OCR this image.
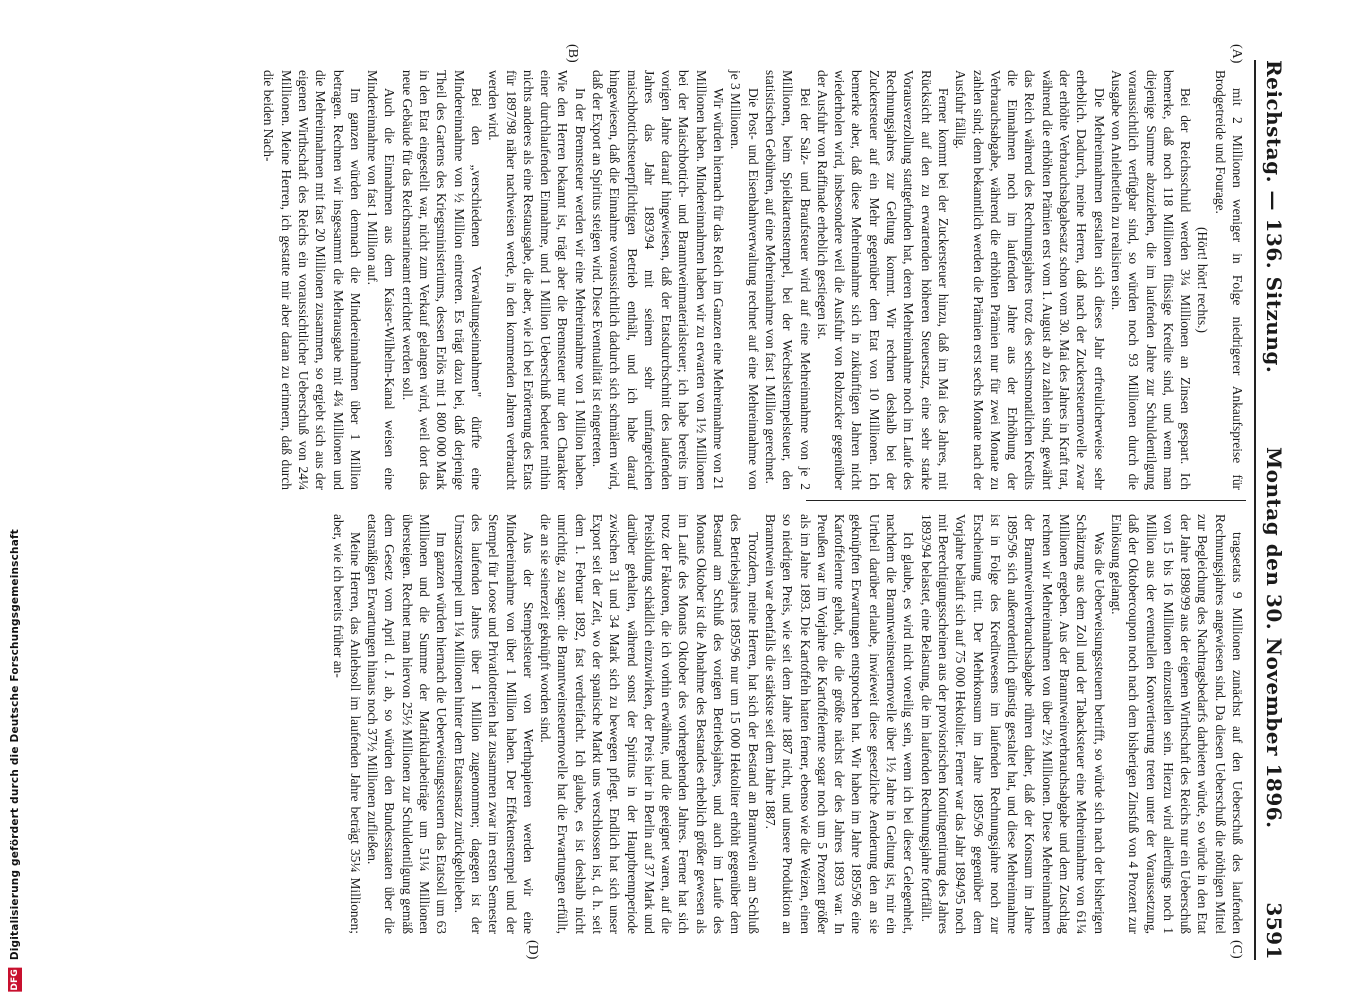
Reichstag. — 136. Sitzung.
Montag den 30. November 1896.
3591
(A)
(B)
(C)
(D)

mit 2 Millionen weniger in Folge niedrigerer Ankaufspreise für Brodgetreide und Fourage.

(Hört! hört! rechts.)

Bei der Reichsschuld werden 3¼ Millionen an Zinsen gespart. Ich bemerke, daß noch 118 Millionen flüssige Kredite sind, und wenn man diejenige Summe abzuziehen, die im laufenden Jahre zur Schuldentilgung voraussichtlich verfügbar sind, so würden noch 93 Millionen durch die Ausgabe von Anleihetiteln zu realisiren sein.

Die Mehreinnahmen gestalten sich dieses Jahr erfreulicherweise sehr erheblich. Dadurch, meine Herren, daß nach der Zuckersteuernovelle zwar der erhöhte Verbrauchsabgabesatz schon vom 30. Mai des Jahres in Kraft trat, während die erhöhten Prämien erst vom 1. August ab zu zahlen sind, gewährt das Reich während des Rechnungsjahres trotz des sechsmonatlichen Kredits die Einnahmen noch im laufenden Jahre aus der Erhöhung der Verbrauchsabgabe, während die erhöhten Prämien nur für zwei Monate zu zahlen sind; denn bekanntlich werden die Prämien erst sechs Monate nach der Ausfuhr fällig.

Ferner kommt bei der Zuckersteuer hinzu, daß im Mai des Jahres, mit Rücksicht auf den zu erwartenden höheren Steuersatz, eine sehr starke Vorausverzollung stattgefunden hat, deren Mehreinnahme noch im Laufe des Rechnungsjahres zur Geltung kommt. Wir rechnen deshalb bei der Zuckersteuer auf ein Mehr gegenüber dem Etat von 10 Millionen. Ich bemerke aber, daß diese Mehreinnahme sich in zukünftigen Jahren nicht wiederholen wird, insbesondere weil die Ausfuhr von Rohzucker gegenüber der Ausfuhr von Raffinade erheblich gestiegen ist.

Bei der Salz- und Braufsteuer wird auf eine Mehreinnahme von je 2 Millionen, beim Spielkartenstempel, bei der Wechselstempelsteuer, den statistischen Gebühren, auf eine Mehreinnahme von fast 1 Million gerechnet.

Die Post- und Eisenbahnverwaltung rechnet auf eine Mehreinnahme von je 3 Millionen.

Wir würden hiernach für das Reich im Ganzen eine Mehreinnahme von 21 Millionen haben. Mindereinnahmen haben wir zu erwarten von 1½ Millionen bei der Maischbottich- und Branntweinmaterialsteuer; ich habe bereits im vorigen Jahre darauf hingewiesen, daß der Etatsdurchschnitt des laufenden Jahres das Jahr 1893/94 mit seinem sehr umfangreichen maischbottichsteuerpflichtigen Betrieb enthält, und ich habe darauf hingewiesen, daß die Einnahme voraussichtlich dadurch sich schmälern wird, daß der Export an Spiritus steigen wird. Diese Eventualität ist eingetreten.

In der Brennsteuer werden wir eine Mehreinnahme von 1 Million haben. Wie den Herren bekannt ist, trägt aber die Brennsteuer nur den Charakter einer durchlaufenden Einnahme, und 1 Million Ueberschuß bedeutet mithin nichts anderes als eine Restausgabe, die aber, wie ich bei Erörterung des Etats für 1897/98 näher nachweisen werde, in den kommenden Jahren verbraucht werden wird.

Bei den „verschiedenen Verwaltungseinnahmen" dürfte eine Mindereinnahme von ½ Million eintreten. Es trägt dazu bei, daß derjenige Theil des Gartens des Kriegsministeriums, dessen Erlös mit 1 800 000 Mark in den Etat eingestellt war, nicht zum Verkauf gelangen wird, weil dort das neue Gebäude für das Reichsmarineamt errichtet werden soll.

Auch die Einnahmen aus dem Kaiser-Wilhelm-Kanal weisen eine Mindereinnahme von fast 1 Million auf.

Im ganzen würden demnach die Mindereinnahmen über 1 Million betragen. Rechnen wir insgesammt die Mehrausgabe mit 4¾ Millionen und die Mehreinnahmen mit fast 20 Millionen zusammen, so ergiebt sich aus der eigenen Wirthschaft des Reichs ein voraussichtlicher Ueberschuß von 24¼ Millionen. Meine Herren, ich gestatte mir aber daran zu erinnern, daß durch die beiden Nach-

tragsetats 9 Millionen zunächst auf den Ueberschuß des laufenden Rechnungsjahres angewiesen sind. Da diesen Ueberschuß die nöthigen Mittel zur Begleichung des Nachtragsbedarfs darbieten würde, so würde in den Etat der Jahre 1898/99 aus der eigenen Wirthschaft des Reichs nur ein Ueberschuß von 15 bis 16 Millionen einzustellen sein. Hierzu wird allerdings noch 1 Million aus der eventuellen Konvertierung treten unter der Voraussetzung, daß der Oktobercoupon noch nach dem bisherigen Zinsfuß von 4 Prozent zur Einlösung gelangt.

Was die Ueberweisungssteuern betrifft, so würde sich nach der bisherigen Schätzung aus dem Zoll und der Tabacksteuer eine Mehreinnahme von 61¼ Millionen ergeben. Aus der Branntweinverbrauchsabgabe und dem Zuschlag rechnen wir Mehreinnahmen von über 2½ Millionen. Diese Mehreinnahmen der Branntweinverbrauchsabgabe rühren daher, daß der Konsum im Jahre 1895/96 sich außerordentlich günstig gestaltet hat, und diese Mehreinnahme ist in Folge des Kreditwesens im laufenden Rechnungsjahre noch zur Erscheinung tritt. Der Mehrkonsum im Jahre 1895/96 gegenüber dem Vorjahre beläuft sich auf 75 000 Hektoliter. Ferner war das Jahr 1894/95 noch mit Berechtigungsscheinen aus der provisorischen Kontingentirung des Jahres 1893/94 belastet, eine Belastung, die im laufenden Rechnungsjahre fortfällt.

Ich glaube, es wird nicht voreilig sein, wenn ich bei dieser Gelegenheit, nachdem die Branntweinsteuernovelle über 1½ Jahre in Geltung ist, mir ein Urtheil darüber erlaube, inwieweit diese gesetzliche Aenderung den an sie geknüpften Erwartungen entsprochen hat. Wir haben im Jahre 1895/96 eine Kartoffelernte gehabt, die die größte nächst der des Jahres 1893 war. In Preußen war im Vorjahre die Kartoffelernte sogar noch um 5 Prozent größer als im Jahre 1893. Die Kartoffeln hatten ferner, ebenso wie die Weizen, einen so niedrigen Preis, wie seit dem Jahre 1887 nicht, und unsere Produktion an Branntwein war ebenfalls die stärkste seit dem Jahre 1887.

Trotzdem, meine Herren, hat sich der Bestand an Branntwein am Schluß des Betriebsjahres 1895/96 nur um 15 000 Hektoliter erhöht gegenüber dem Bestand am Schluß des vorigen Betriebsjahres, und auch im Laufe des Monats Oktober ist die Abnahme des Bestandes erheblich größer gewesen als im Laufe des Monats Oktober des vorhergehenden Jahres. Ferner hat sich trotz der Faktoren, die ich vorhin erwähnte, und die geeignet waren, auf die Preisbildung schädlich einzuwirken, der Preis hier in Berlin auf 37 Mark und darüber gehalten, während sonst der Spiritus in der Hauptbrennperiode zwischen 31 und 34 Mark sich zu bewegen pflegt. Endlich hat sich unser Export seit der Zeit, wo der spanische Markt uns verschlossen ist, d. h. seit dem 1. Februar 1892, fast verdreifacht. Ich glaube, es ist deshalb nicht unrichtig, zu sagen: die Branntweinsteuernovelle hat die Erwartungen erfüllt, die an sie seinerzeit geknüpft worden sind.

Aus der Stempelsteuer von Werthpapieren werden wir eine Mindereinnahme von über 1 Million haben. Der Effektenstempel und der Stempel für Loose und Privatlotterien hat zusammen zwar im ersten Semester des laufenden Jahres über 1 Million zugenommen; dagegen ist der Umsatzstempel um 1¼ Millionen hinter dem Etatsansatz zurückgeblieben.

Im ganzen würden hiernach die Ueberweisungssteuern das Etatsoll um 63 Millionen und die Summe der Matrikularbeiträge um 51¼ Millionen übersteigen. Rechnet man hiervon 25½ Millionen zur Schuldentilgung gemäß dem Gesetz vom April d. J. ab, so würden den Bundesstaaten über die etatsmäßigen Erwartungen hinaus noch 37½ Millionen zufließen.

Meine Herren, das Anlehsoll im laufenden Jahre beträgt 35¼ Millionen; aber, wie ich bereits früher an-

DFG Digitalisierung gefördert durch die Deutsche Forschungsgemeinschaft
